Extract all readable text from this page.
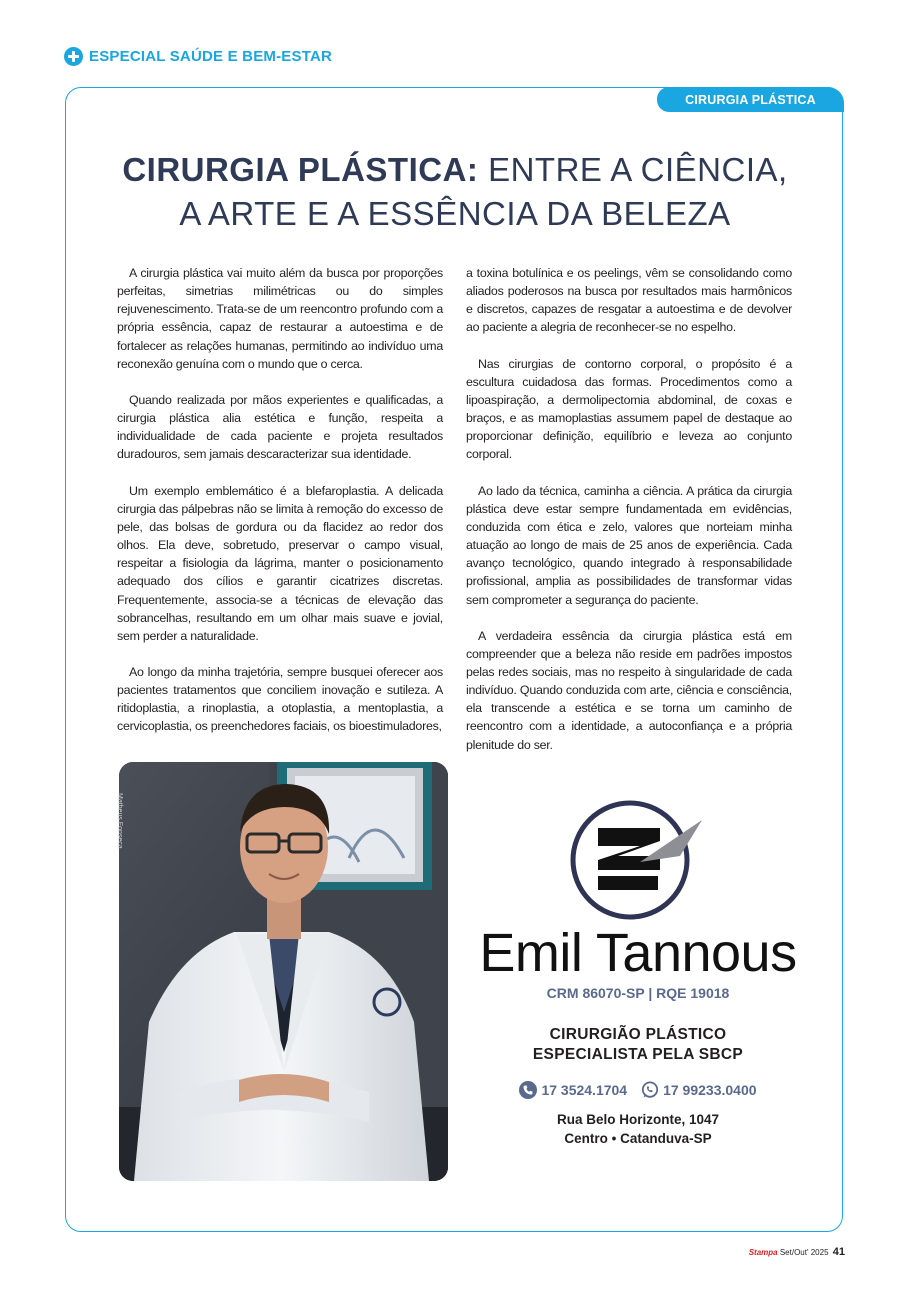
ESPECIAL SAÚDE E BEM-ESTAR
CIRURGIA PLÁSTICA
CIRURGIA PLÁSTICA: ENTRE A CIÊNCIA,
A ARTE E A ESSÊNCIA DA BELEZA

A cirurgia plástica vai muito além da busca por proporções perfeitas, simetrias milimétricas ou do simples rejuvenescimento. Trata-se de um reencontro profundo com a própria essência, capaz de restaurar a autoestima e de fortalecer as relações humanas, permitindo ao indivíduo uma reconexão genuína com o mundo que o cerca.

Quando realizada por mãos experientes e qualificadas, a cirurgia plástica alia estética e função, respeita a individualidade de cada paciente e projeta resultados duradouros, sem jamais descaracterizar sua identidade.

Um exemplo emblemático é a blefaroplastia. A delicada cirurgia das pálpebras não se limita à remoção do excesso de pele, das bolsas de gordura ou da flacidez ao redor dos olhos. Ela deve, sobretudo, preservar o campo visual, respeitar a fisiologia da lágrima, manter o posicionamento adequado dos cílios e garantir cicatrizes discretas. Frequentemente, associa-se a técnicas de elevação das sobrancelhas, resultando em um olhar mais suave e jovial, sem perder a naturalidade.

Ao longo da minha trajetória, sempre busquei oferecer aos pacientes tratamentos que conciliem inovação e sutileza. A ritidoplastia, a rinoplastia, a otoplastia, a mentoplastia, a cervicoplastia, os preenchedores faciais, os bioestimuladores,

a toxina botulínica e os peelings, vêm se consolidando como aliados poderosos na busca por resultados mais harmônicos e discretos, capazes de resgatar a autoestima e de devolver ao paciente a alegria de reconhecer-se no espelho.

Nas cirurgias de contorno corporal, o propósito é a escultura cuidadosa das formas. Procedimentos como a lipoaspiração, a dermolipectomia abdominal, de coxas e braços, e as mamoplastias assumem papel de destaque ao proporcionar definição, equilíbrio e leveza ao conjunto corporal.

Ao lado da técnica, caminha a ciência. A prática da cirurgia plástica deve estar sempre fundamentada em evidências, conduzida com ética e zelo, valores que norteiam minha atuação ao longo de mais de 25 anos de experiência. Cada avanço tecnológico, quando integrado à responsabilidade profissional, amplia as possibilidades de transformar vidas sem comprometer a segurança do paciente.

A verdadeira essência da cirurgia plástica está em compreender que a beleza não reside em padrões impostos pelas redes sociais, mas no respeito à singularidade de cada indivíduo. Quando conduzida com arte, ciência e consciência, ela transcende a estética e se torna um caminho de reencontro com a identidade, a autoconfiança e a própria plenitude do ser.

Matheus Fonseca
Emil Tannous
CRM 86070-SP | RQE 19018
CIRURGIÃO PLÁSTICO
ESPECIALISTA PELA SBCP
17 3524.1704	17 99233.0400
Rua Belo Horizonte, 1047
Centro • Catanduva-SP
Stampa Set/Out' 2025 41
